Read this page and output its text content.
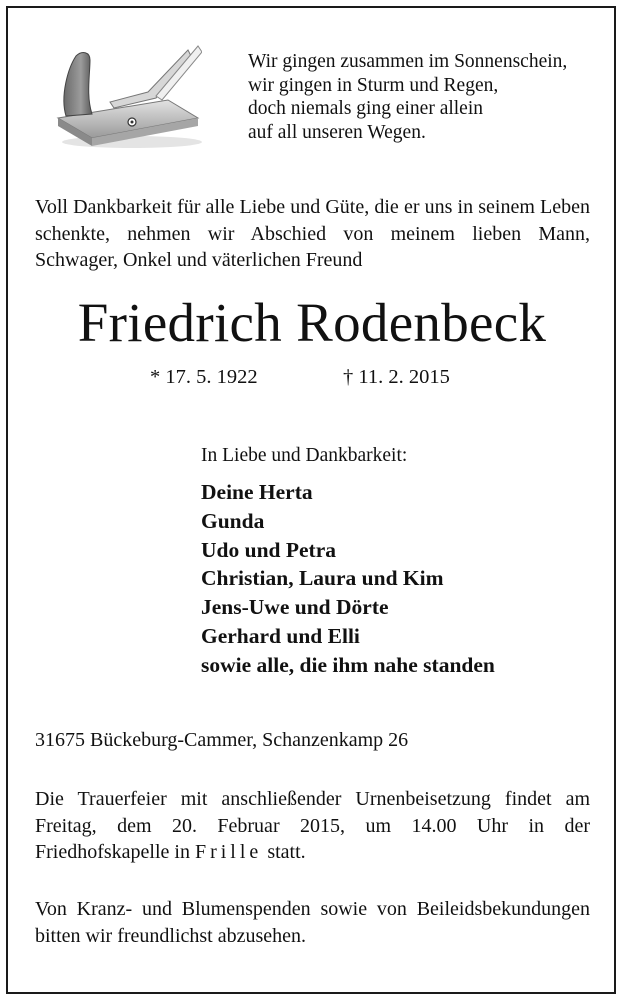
Wir gingen zusammen im Sonnenschein,
wir gingen in Sturm und Regen,
doch niemals ging einer allein
auf all unseren Wegen.
Voll Dankbarkeit für alle Liebe und Güte, die er uns in seinem Leben schenkte, nehmen wir Abschied von meinem lieben Mann, Schwager, Onkel und väterlichen Freund
Friedrich Rodenbeck
* 17. 5. 1922	† 11. 2. 2015
In Liebe und Dankbarkeit:
Deine Herta
Gunda
Udo und Petra
Christian, Laura und Kim
Jens-Uwe und Dörte
Gerhard und Elli
sowie alle, die ihm nahe standen
31675 Bückeburg-Cammer, Schanzenkamp 26
Die Trauerfeier mit anschließender Urnenbeisetzung findet am Freitag, dem 20. Februar 2015, um 14.00 Uhr in der Friedhofskapelle in Frille statt.
Von Kranz- und Blumenspenden sowie von Beileidsbekundungen bitten wir freundlichst abzusehen.
